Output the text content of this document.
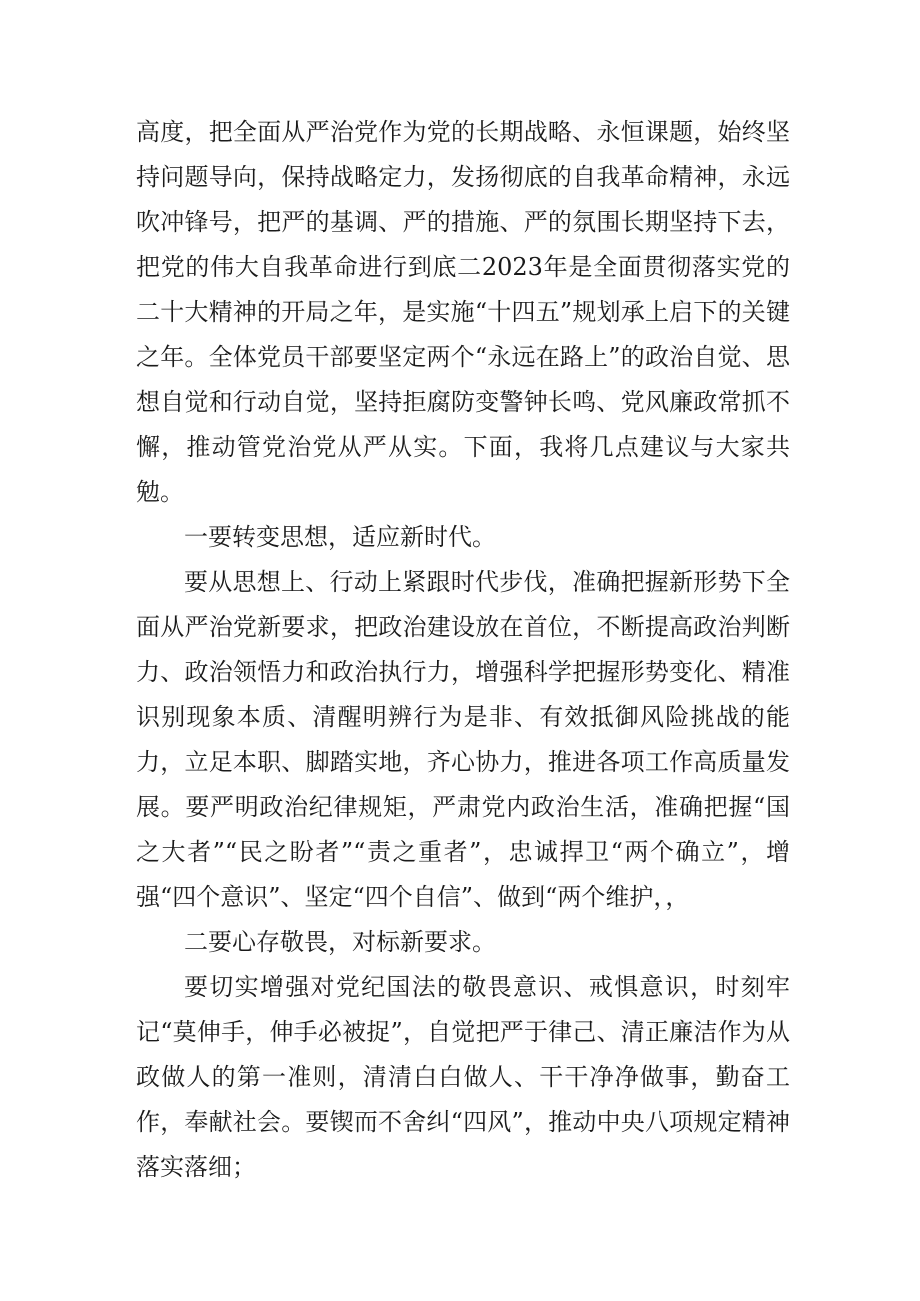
高度，把全面从严治党作为党的长期战略、永恒课题，始终坚持问题导向，保持战略定力，发扬彻底的自我革命精神，永远吹冲锋号，把严的基调、严的措施、严的氛围长期坚持下去，把党的伟大自我革命进行到底二2023年是全面贯彻落实党的二十大精神的开局之年，是实施“十四五”规划承上启下的关键之年。全体党员干部要坚定两个“永远在路上”的政治自觉、思想自觉和行动自觉，坚持拒腐防变警钟长鸣、党风廉政常抓不懈，推动管党治党从严从实。下面，我将几点建议与大家共勉。

一要转变思想，适应新时代。

要从思想上、行动上紧跟时代步伐，准确把握新形势下全面从严治党新要求，把政治建设放在首位，不断提高政治判断力、政治领悟力和政治执行力，增强科学把握形势变化、精准识别现象本质、清醒明辨行为是非、有效抵御风险挑战的能力，立足本职、脚踏实地，齐心协力，推进各项工作高质量发展。要严明政治纪律规矩，严肃党内政治生活，准确把握“国之大者”“民之盼者”“责之重者”，忠诚捍卫“两个确立”，增强“四个意识”、坚定“四个自信”、做到“两个维护，，

二要心存敬畏，对标新要求。

要切实增强对党纪国法的敬畏意识、戒惧意识，时刻牢记“莫伸手，伸手必被捉”，自觉把严于律己、清正廉洁作为从政做人的第一准则，清清白白做人、干干净净做事，勤奋工作，奉献社会。要锲而不舍纠“四风”，推动中央八项规定精神落实落细；
